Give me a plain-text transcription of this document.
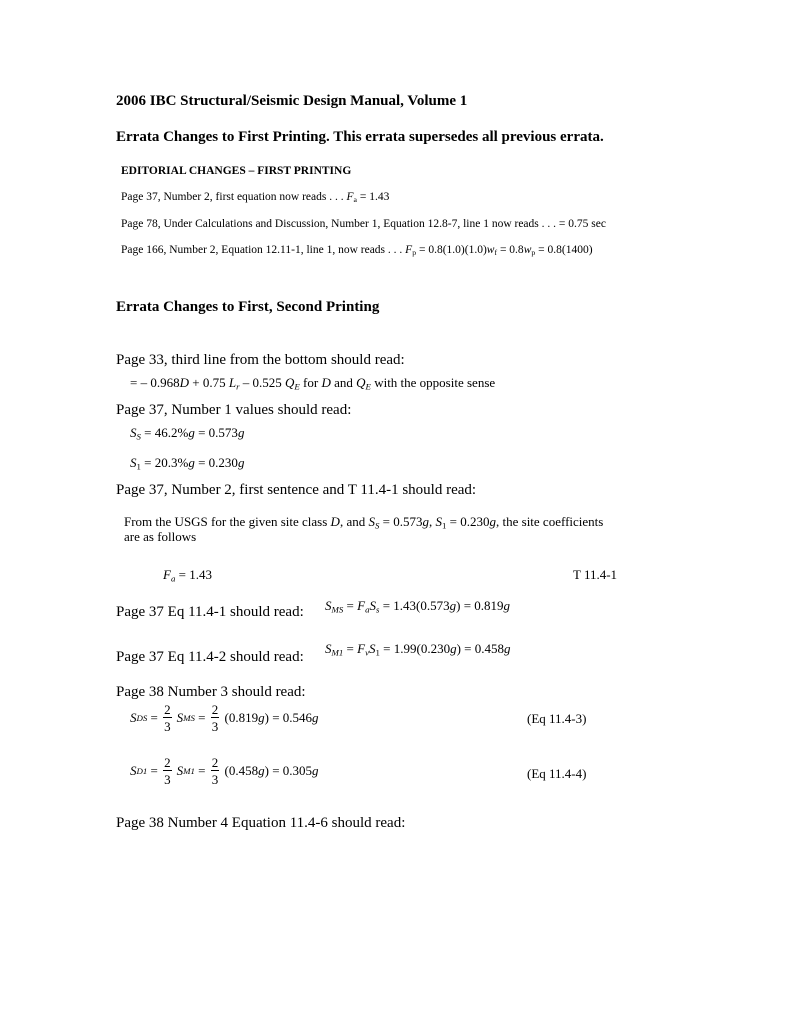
2006 IBC Structural/Seismic Design Manual, Volume 1
Errata Changes to First Printing. This errata supersedes all previous errata.
EDITORIAL CHANGES – FIRST PRINTING
Page 37, Number 2, first equation now reads . . . $F_a = 1.43$
Page 78, Under Calculations and Discussion, Number 1, Equation 12.8-7, line 1 now reads . . . = 0.75 sec
Page 166, Number 2, Equation 12.11-1, line 1, now reads . . . $F_p = 0.8(1.0)(1.0)w_f = 0.8w_p = 0.8(1400)$
Errata Changes to First, Second Printing
Page 33, third line from the bottom should read:
= – 0.968D + 0.75 $L_r - 0.525$ $Q_E$ for D and $Q_E$ with the opposite sense
Page 37, Number 1 values should read:
$S_S = 46.2\%g = 0.573g$
$S_1 = 20.3\%g = 0.230g$
Page 37, Number 2, first sentence and T 11.4-1 should read:
From the USGS for the given site class D, and $S_S = 0.573g$, $S_1 = 0.230g$, the site coefficients
are as follows
$F_a = 1.43$	T 11.4-1
Page 37 Eq 11.4-1 should read: $S_{MS} = F_aS_s = 1.43(0.573g) = 0.819g$
Page 37 Eq 11.4-2 should read:
$S_{M1} = F_vS_1 = 1.99(0.230g) = 0.458g$
Page 38 Number 3 should read:
S DS = $\frac{2}{3}$ S MS = $\frac{2}{3} (0.819$ g ) = 0.546 g	(Eq 11.4-3)
S $D1 = \frac{2}{3}$ S $M1 = \frac{2}{3} (0.458$ g ) = 0.305 g	(Eq 11.4-4)
Page 38 Number 4 Equation 11.4-6 should read:
